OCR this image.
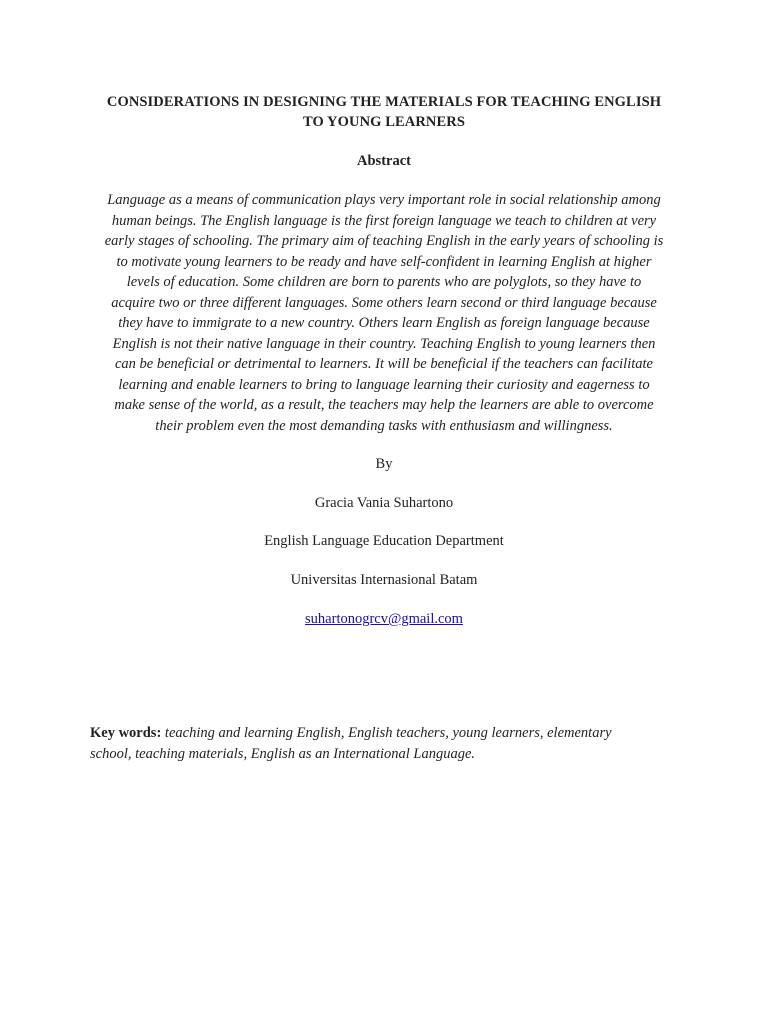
CONSIDERATIONS IN DESIGNING THE MATERIALS FOR TEACHING ENGLISH
TO YOUNG LEARNERS
Abstract
Language as a means of communication plays very important role in social relationship among
human beings. The English language is the first foreign language we teach to children at very
early stages of schooling. The primary aim of teaching English in the early years of schooling is
to motivate young learners to be ready and have self-confident in learning English at higher
levels of education. Some children are born to parents who are polyglots, so they have to
acquire two or three different languages. Some others learn second or third language because
they have to immigrate to a new country. Others learn English as foreign language because
English is not their native language in their country. Teaching English to young learners then
can be beneficial or detrimental to learners. It will be beneficial if the teachers can facilitate
learning and enable learners to bring to language learning their curiosity and eagerness to
make sense of the world, as a result, the teachers may help the learners are able to overcome
their problem even the most demanding tasks with enthusiasm and willingness.
By
Gracia Vania Suhartono
English Language Education Department
Universitas Internasional Batam
suhartonogrcv@gmail.com
Key words: teaching and learning English, English teachers, young learners, elementary
school, teaching materials, English as an International Language.
